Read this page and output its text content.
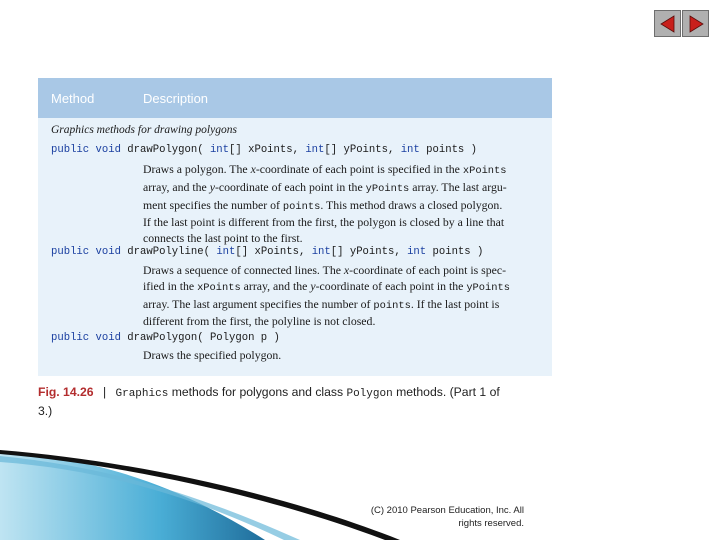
Method	Description
Graphics methods for drawing polygons
public void drawPolygon( int[] xPoints, int[] yPoints, int points )
Draws a polygon. The x-coordinate of each point is specified in the xPoints
array, and the y-coordinate of each point in the yPoints array. The last argu-
ment specifies the number of points. This method draws a closed polygon.
If the last point is different from the first, the polygon is closed by a line that
connects the last point to the first.
public void drawPolyline( int[] xPoints, int[] yPoints, int points )
Draws a sequence of connected lines. The x-coordinate of each point is spec-
ified in the xPoints array, and the y-coordinate of each point in the yPoints
array. The last argument specifies the number of points. If the last point is
different from the first, the polyline is not closed.
public void drawPolygon( Polygon p )
Draws the specified polygon.
Fig. 14.26 | Graphics methods for polygons and class Polygon methods. (Part 1 of 3.)
(C) 2010 Pearson Education, Inc. All
rights reserved.
